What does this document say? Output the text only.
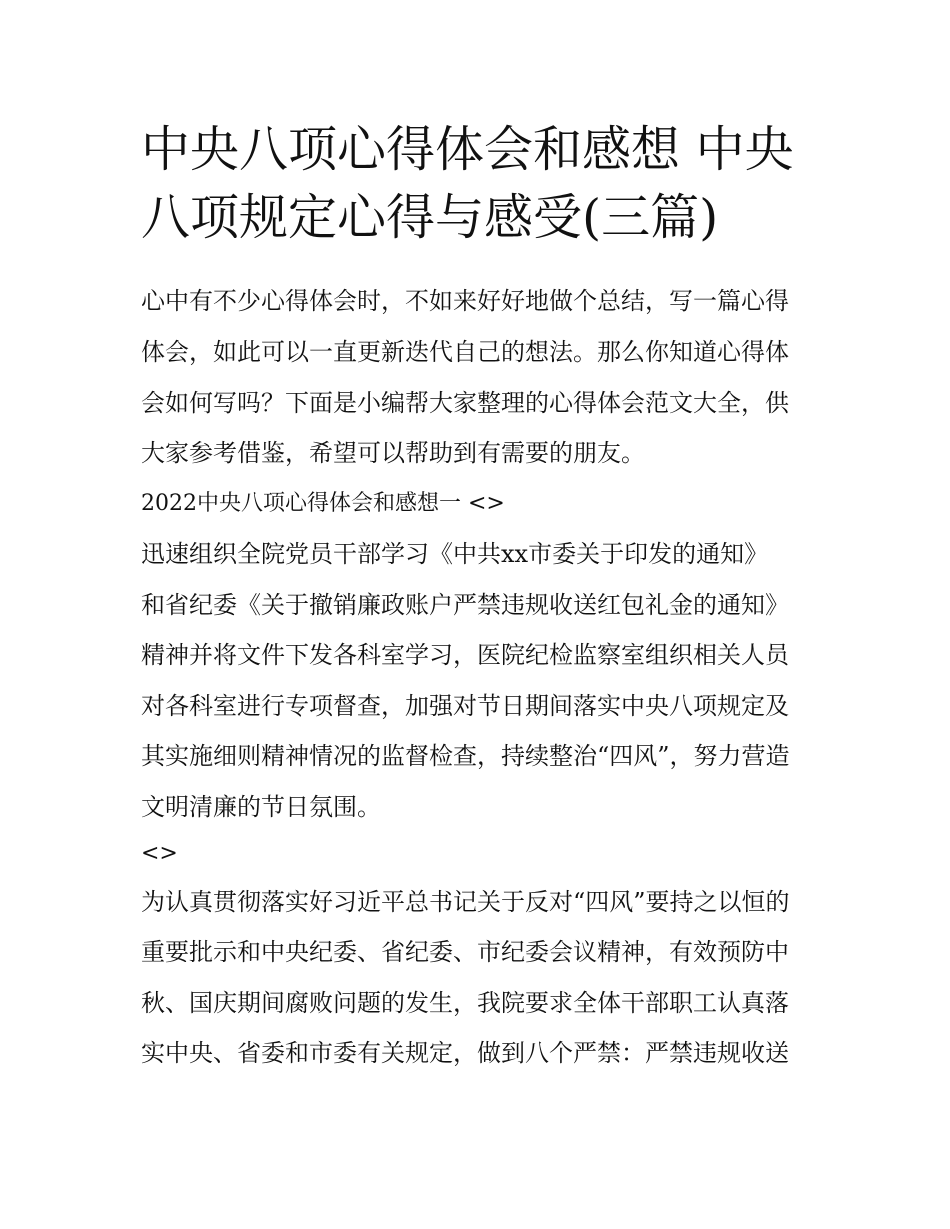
中央八项心得体会和感想 中央八项规定心得与感受(三篇)

心中有不少心得体会时，不如来好好地做个总结，写一篇心得

体会，如此可以一直更新迭代自己的想法。那么你知道心得体

会如何写吗？下面是小编帮大家整理的心得体会范文大全，供

大家参考借鉴，希望可以帮助到有需要的朋友。

2022中央八项心得体会和感想一 <>

迅速组织全院党员干部学习《中共xx市委关于印发的通知》

和省纪委《关于撤销廉政账户严禁违规收送红包礼金的通知》

精神并将文件下发各科室学习，医院纪检监察室组织相关人员

对各科室进行专项督查，加强对节日期间落实中央八项规定及

其实施细则精神情况的监督检查，持续整治“四风”，努力营造

文明清廉的节日氛围。

<>

为认真贯彻落实好习近平总书记关于反对“四风”要持之以恒的

重要批示和中央纪委、省纪委、市纪委会议精神，有效预防中

秋、国庆期间腐败问题的发生，我院要求全体干部职工认真落

实中央、省委和市委有关规定，做到八个严禁：严禁违规收送
